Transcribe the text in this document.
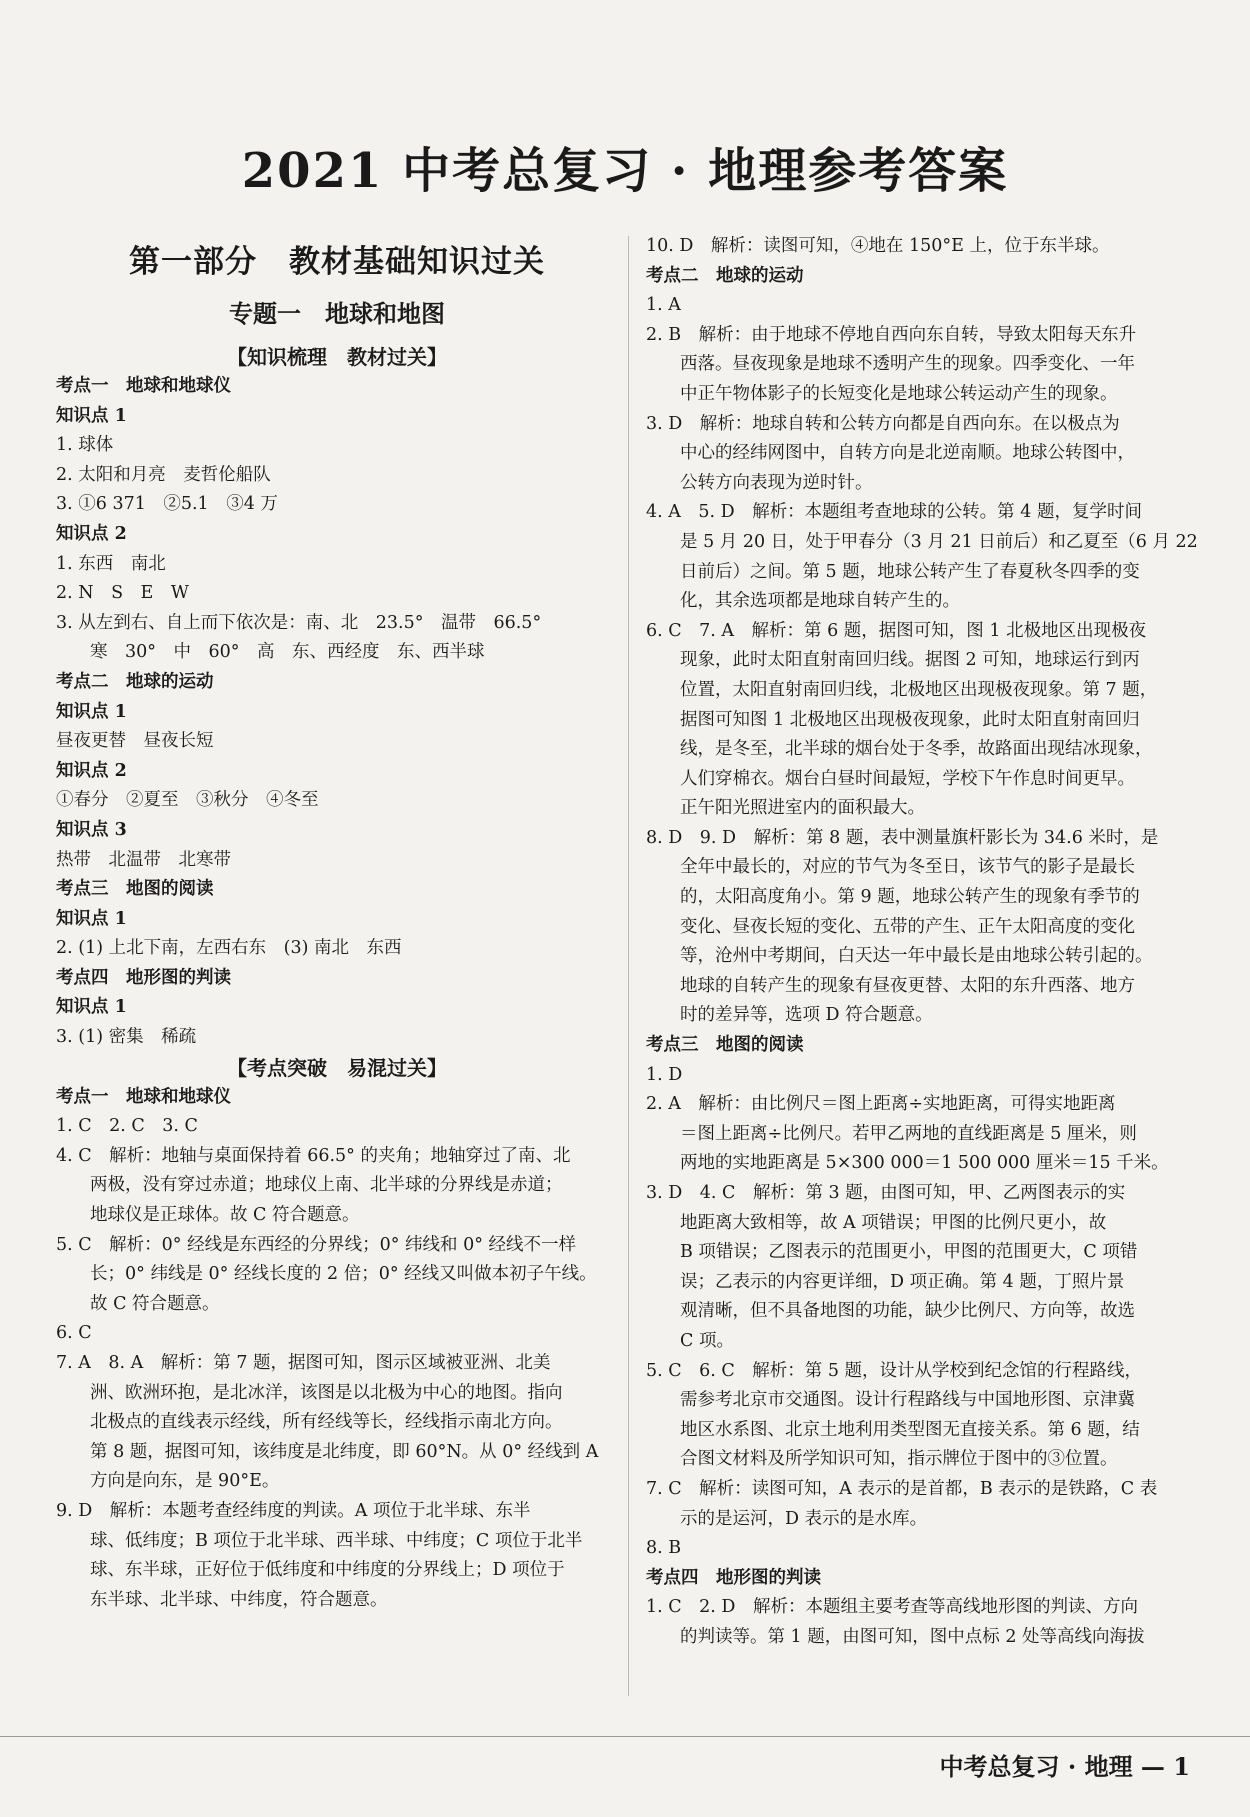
2021 中考总复习 · 地理参考答案
第一部分　教材基础知识过关
专题一　地球和地图
【知识梳理　教材过关】
考点一　地球和地球仪
知识点 1
1. 球体
2. 太阳和月亮　麦哲伦船队
3. ①6 371　②5.1　③4 万
知识点 2
1. 东西　南北
2. N　S　E　W
3. 从左到右、自上而下依次是：南、北　23.5°　温带　66.5°
寒　30°　中　60°　高　东、西经度　东、西半球
考点二　地球的运动
知识点 1
昼夜更替　昼夜长短
知识点 2
①春分　②夏至　③秋分　④冬至
知识点 3
热带　北温带　北寒带
考点三　地图的阅读
知识点 1
2. (1) 上北下南，左西右东　(3) 南北　东西
考点四　地形图的判读
知识点 1
3. (1) 密集　稀疏
【考点突破　易混过关】
考点一　地球和地球仪
1. C　2. C　3. C
4. C　解析：地轴与桌面保持着 66.5° 的夹角；地轴穿过了南、北
两极，没有穿过赤道；地球仪上南、北半球的分界线是赤道；
地球仪是正球体。故 C 符合题意。
5. C　解析：0° 经线是东西经的分界线；0° 纬线和 0° 经线不一样
长；0° 纬线是 0° 经线长度的 2 倍；0° 经线又叫做本初子午线。
故 C 符合题意。
6. C
7. A　8. A　解析：第 7 题，据图可知，图示区域被亚洲、北美
洲、欧洲环抱，是北冰洋，该图是以北极为中心的地图。指向
北极点的直线表示经线，所有经线等长，经线指示南北方向。
第 8 题，据图可知，该纬度是北纬度，即 60°N。从 0° 经线到 A
方向是向东，是 90°E。
9. D　解析：本题考查经纬度的判读。A 项位于北半球、东半
球、低纬度；B 项位于北半球、西半球、中纬度；C 项位于北半
球、东半球，正好位于低纬度和中纬度的分界线上；D 项位于
东半球、北半球、中纬度，符合题意。
10. D　解析：读图可知，④地在 150°E 上，位于东半球。
考点二　地球的运动
1. A
2. B　解析：由于地球不停地自西向东自转，导致太阳每天东升
西落。昼夜现象是地球不透明产生的现象。四季变化、一年
中正午物体影子的长短变化是地球公转运动产生的现象。
3. D　解析：地球自转和公转方向都是自西向东。在以极点为
中心的经纬网图中，自转方向是北逆南顺。地球公转图中，
公转方向表现为逆时针。
4. A　5. D　解析：本题组考查地球的公转。第 4 题，复学时间
是 5 月 20 日，处于甲春分（3 月 21 日前后）和乙夏至（6 月 22
日前后）之间。第 5 题，地球公转产生了春夏秋冬四季的变
化，其余选项都是地球自转产生的。
6. C　7. A　解析：第 6 题，据图可知，图 1 北极地区出现极夜
现象，此时太阳直射南回归线。据图 2 可知，地球运行到丙
位置，太阳直射南回归线，北极地区出现极夜现象。第 7 题，
据图可知图 1 北极地区出现极夜现象，此时太阳直射南回归
线，是冬至，北半球的烟台处于冬季，故路面出现结冰现象，
人们穿棉衣。烟台白昼时间最短，学校下午作息时间更早。
正午阳光照进室内的面积最大。
8. D　9. D　解析：第 8 题，表中测量旗杆影长为 34.6 米时，是
全年中最长的，对应的节气为冬至日，该节气的影子是最长
的，太阳高度角小。第 9 题，地球公转产生的现象有季节的
变化、昼夜长短的变化、五带的产生、正午太阳高度的变化
等，沧州中考期间，白天达一年中最长是由地球公转引起的。
地球的自转产生的现象有昼夜更替、太阳的东升西落、地方
时的差异等，选项 D 符合题意。
考点三　地图的阅读
1. D
2. A　解析：由比例尺＝图上距离÷实地距离，可得实地距离
＝图上距离÷比例尺。若甲乙两地的直线距离是 5 厘米，则
两地的实地距离是 5×300 000＝1 500 000 厘米＝15 千米。
3. D　4. C　解析：第 3 题，由图可知，甲、乙两图表示的实
地距离大致相等，故 A 项错误；甲图的比例尺更小，故
B 项错误；乙图表示的范围更小，甲图的范围更大，C 项错
误；乙表示的内容更详细，D 项正确。第 4 题，丁照片景
观清晰，但不具备地图的功能，缺少比例尺、方向等，故选
C 项。
5. C　6. C　解析：第 5 题，设计从学校到纪念馆的行程路线，
需参考北京市交通图。设计行程路线与中国地形图、京津冀
地区水系图、北京土地利用类型图无直接关系。第 6 题，结
合图文材料及所学知识可知，指示牌位于图中的③位置。
7. C　解析：读图可知，A 表示的是首都，B 表示的是铁路，C 表
示的是运河，D 表示的是水库。
8. B
考点四　地形图的判读
1. C　2. D　解析：本题组主要考查等高线地形图的判读、方向
的判读等。第 1 题，由图可知，图中点标 2 处等高线向海拔
中考总复习 · 地理 — 1
